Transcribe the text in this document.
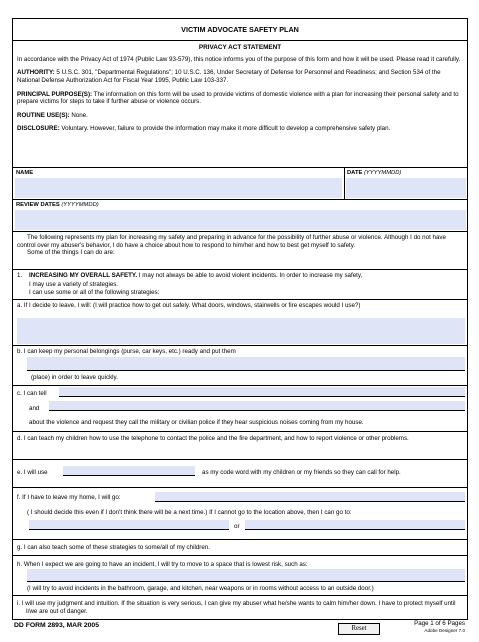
VICTIM ADVOCATE SAFETY PLAN
PRIVACY ACT STATEMENT

In accordance with the Privacy Act of 1974 (Public Law 93-579), this notice informs you of the purpose of this form and how it will be used. Please read it carefully.

AUTHORITY: 5 U.S.C. 301, "Departmental Regulations"; 10 U.S.C. 136, Under Secretary of Defense for Personnel and Readiness; and Section 534 of the National Defense Authorization Act for Fiscal Year 1995, Public Law 103-337.

PRINCIPAL PURPOSE(S): The information on this form will be used to provide victims of domestic violence with a plan for increasing their personal safety and to prepare victims for steps to take if further abuse or violence occurs.

ROUTINE USE(S): None.

DISCLOSURE: Voluntary. However, failure to provide the information may make it more difficult to develop a comprehensive safety plan.

NAME	DATE (YYYYMMDD)
REVIEW DATES (YYYYMMDD)
The following represents my plan for increasing my safety and preparing in advance for the possibility of further abuse or violence. Although I do not have control over my abuser's behavior, I do have a choice about how to respond to him/her and how to best get myself to safety.
Some of the things I can do are:
1. INCREASING MY OVERALL SAFETY. I may not always be able to avoid violent incidents. In order to increase my safety,
I may use a variety of strategies.
I can use some or all of the following strategies:
a. If I decide to leave, I will: (I will practice how to get out safely. What doors, windows, stairwells or fire escapes would I use?)
b. I can keep my personal belongings (purse, car keys, etc.) ready and put them
(place) in order to leave quickly.
c. I can tell
and
about the violence and request they call the military or civilian police if they hear suspicious noises coming from my house.
d. I can teach my children how to use the telephone to contact the police and the fire department, and how to report violence or other problems.
e. I will use	as my code word with my children or my friends so they can call for help.
f. If I have to leave my home, I will go:
( I should decide this even if I don't think there will be a next time.) If I cannot go to the location above, then I can go to:
or
g. I can also teach some of these strategies to some/all of my children.
h. When I expect we are going to have an incident, I will try to move to a space that is lowest risk, such as:
(I will try to avoid incidents in the bathroom, garage, and kitchen, near weapons or in rooms without access to an outside door.)
i. I will use my judgment and intuition. If the situation is very serious, I can give my abuser what he/she wants to calm him/her down. I have to protect myself until I/we are out of danger.
DD FORM 2893, MAR 2005	Reset
Page 1 of 6 Pages
Adobe Designer 7.0
